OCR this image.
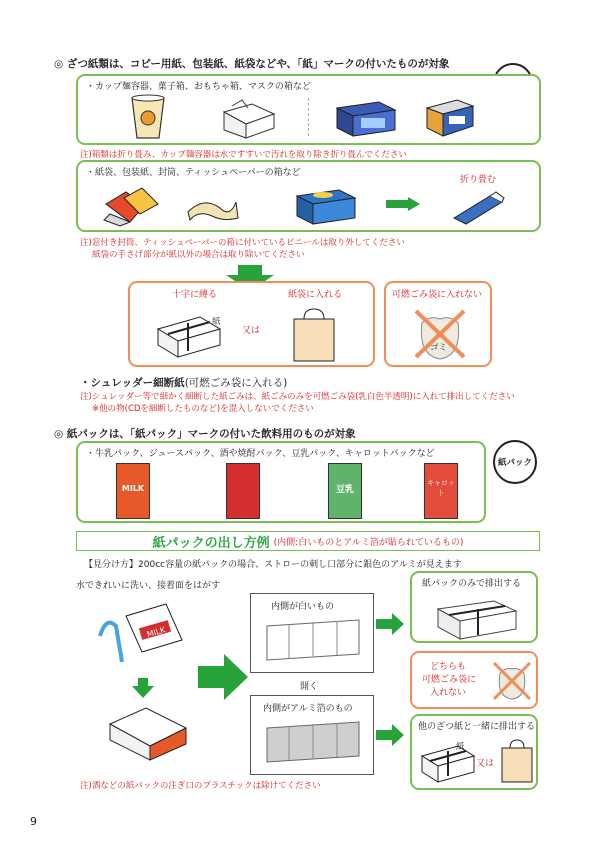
◎ ざつ紙類は、コピー用紙、包装紙、紙袋などや、「紙」マークの付いたものが対象
・カップ麺容器、菓子箱、おもちゃ箱、マスクの箱など
注)箱類は折り畳み、カップ麺容器は水ですすいで汚れを取り除き折り畳んでください
・紙袋、包装紙、封筒、ティッシュペーパーの箱など
折り畳む
注)窓付き封筒、ティッシュペーパーの箱に付いているビニールは取り外してください
紙袋の手さげ部分が紙以外の場合は取り除いてください
十字に縛る	紙袋に入れる
紙
又は
可燃ごみ袋に入れない
ゴミ
・シュレッダー細断紙(可燃ごみ袋に入れる)
注)シュレッダー等で細かく細断した紙ごみは、紙ごみのみを可燃ごみ袋(乳白色半透明)に入れて排出してください
※他の物(CDを細断したものなど)を混入しないでください
◎ 紙パックは、「紙パック」マークの付いた飲料用のものが対象
紙パック
・牛乳パック、ジュースパック、酒や焼酎パック、豆乳パック、キャロットパックなど
MILK	豆乳
キャロット
紙パックの出し方例 (内側:白いものとアルミ箔が貼られているもの)
【見分け方】200cc容量の紙パックの場合、ストローの刺し口部分に銀色のアルミが見えます
水できれいに洗い、接着面をはがす
MILK
内側が白いもの
開く
内側がアルミ箔のもの
紙パックのみで排出する
どちらも
可燃ごみ袋に
入れない
他のざつ紙と一緒に排出する
紙
又は
注)酒などの紙パックの注ぎ口のプラスチックは除けてください
9
